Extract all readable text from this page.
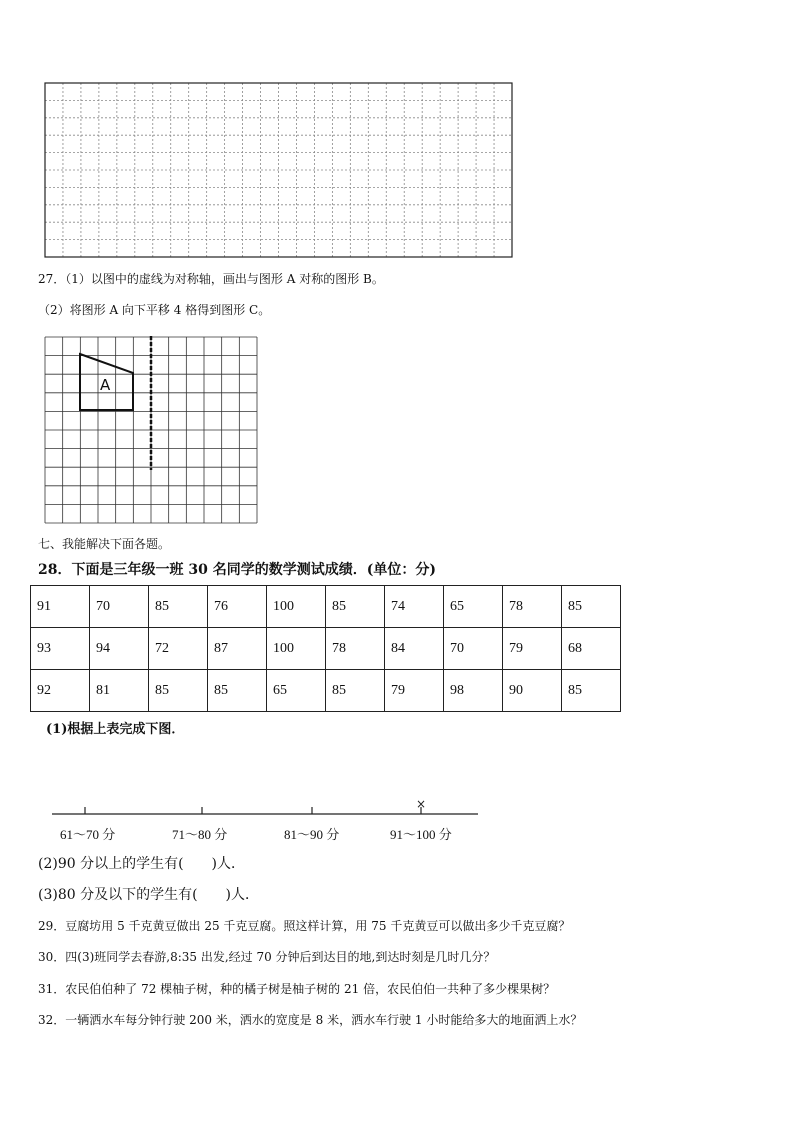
27．（1）以图中的虚线为对称轴，画出与图形 A 对称的图形 B。
（2）将图形 A 向下平移 4 格得到图形 C。
A
七、我能解决下面各题。
28．下面是三年级一班 30 名同学的数学测试成绩．(单位：分)
91	70	85	76	100	85	74	65	78	85
93	94	72	87	100	78	84	70	79	68
92	81	85	85	65	85	79	98	90	85
(1)根据上表完成下图．
×
61～70 分	71～80 分	81～90 分	91～100 分
(2)90 分以上的学生有(　　)人．
(3)80 分及以下的学生有(　　)人．
29．豆腐坊用 5 千克黄豆做出 25 千克豆腐。照这样计算，用 75 千克黄豆可以做出多少千克豆腐？
30．四(3)班同学去春游,8:35 出发,经过 70 分钟后到达目的地,到达时刻是几时几分？
31．农民伯伯种了 72 棵柚子树，种的橘子树是柚子树的 21 倍，农民伯伯一共种了多少棵果树？
32．一辆洒水车每分钟行驶 200 米，洒水的宽度是 8 米，洒水车行驶 1 小时能给多大的地面洒上水？
